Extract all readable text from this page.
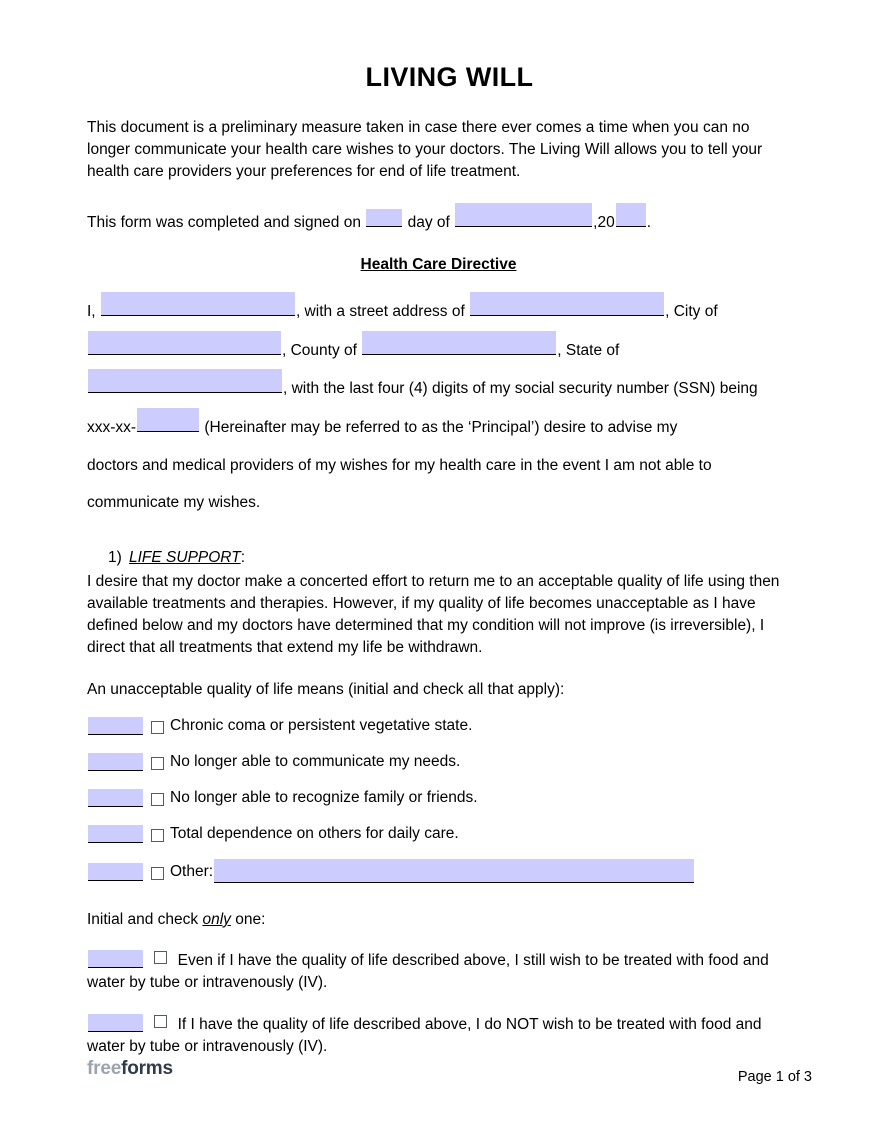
LIVING WILL

This document is a preliminary measure taken in case there ever comes a time when you can no longer communicate your health care wishes to your doctors. The Living Will allows you to tell your health care providers your preferences for end of life treatment.

This form was completed and signed on	day of	,20 .

Health Care Directive
I,	, with a street address of	, City of , County of	, State of , with the last four (4) digits of my social security number (SSN) being xxx-xx-	(Hereinafter may be referred to as the ‘Principal’) desire to advise my

doctors and medical providers of my wishes for my health care in the event I am not able to

communicate my wishes.

1) LIFE SUPPORT:

I desire that my doctor make a concerted effort to return me to an acceptable quality of life using then available treatments and therapies. However, if my quality of life becomes unacceptable as I have defined below and my doctors have determined that my condition will not improve (is irreversible), I direct that all treatments that extend my life be withdrawn.

An unacceptable quality of life means (initial and check all that apply):

Chronic coma or persistent vegetative state.
No longer able to communicate my needs.
No longer able to recognize family or friends.
Total dependence on others for daily care.
Other:

Initial and check only one:

Even if I have the quality of life described above, I still wish to be treated with food and water by tube or intravenously (IV).

If I have the quality of life described above, I do NOT wish to be treated with food and water by tube or intravenously (IV).

freeforms	Page 1 of 3
